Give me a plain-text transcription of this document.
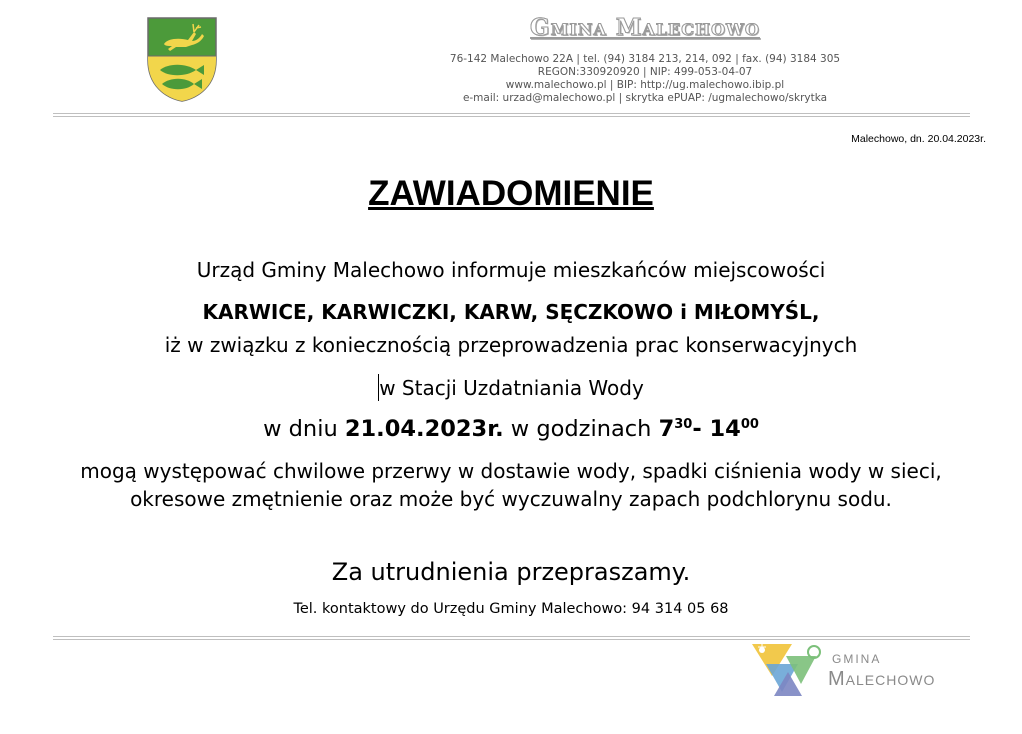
Gmina Malechowo
76-142 Malechowo 22A | tel. (94) 3184 213, 214, 092 | fax. (94) 3184 305
REGON:330920920 | NIP: 499-053-04-07
www.malechowo.pl | BIP: http://ug.malechowo.ibip.pl
e-mail: urzad@malechowo.pl | skrytka ePUAP: /ugmalechowo/skrytka
Malechowo, dn. 20.04.2023r.
ZAWIADOMIENIE
Urząd Gminy Malechowo informuje mieszkańców miejscowości
KARWICE, KARWICZKI, KARW, SĘCZKOWO i MIŁOMYŚL,
iż w związku z koniecznością przeprowadzenia prac konserwacyjnych
w Stacji Uzdatniania Wody
w dniu 21.04.2023r. w godzinach $7^{30}-$ $14^{00}$
mogą występować chwilowe przerwy w dostawie wody, spadki ciśnienia wody w sieci,
okresowe zmętnienie oraz może być wyczuwalny zapach podchlorynu sodu.
Za utrudnienia przepraszamy.
Tel. kontaktowy do Urzędu Gminy Malechowo: 94 314 05 68
GMINA
Malechowo
